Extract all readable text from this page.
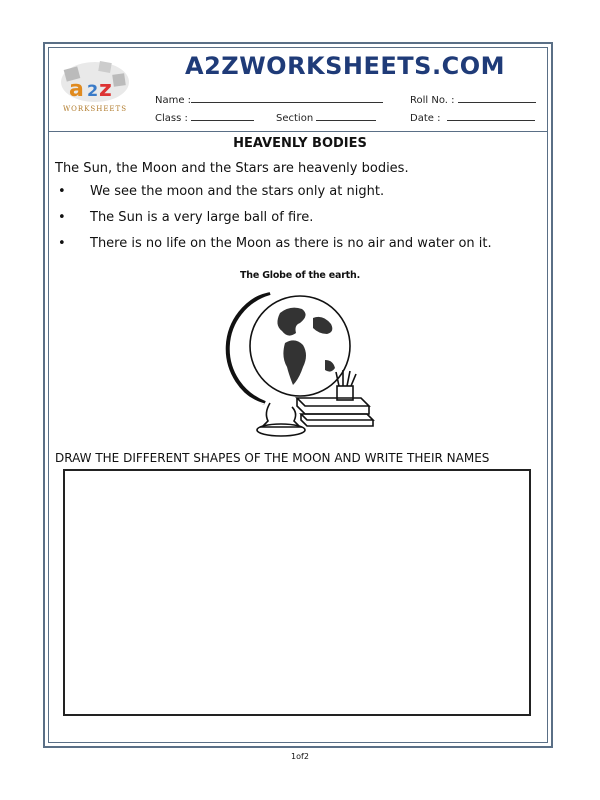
a 2 z
WORKSHEETS
A2ZWORKSHEETS.COM
Name :	Roll No. :
Class :	Section	Date :
HEAVENLY BODIES
The Sun, the Moon and the Stars are heavenly bodies.
• We see the moon and the stars only at night.
• The Sun is a very large ball of fire.
• There is no life on the Moon as there is no air and water on it.
The Globe of the earth.
DRAW THE DIFFERENT SHAPES OF THE MOON AND WRITE THEIR NAMES
1of2
